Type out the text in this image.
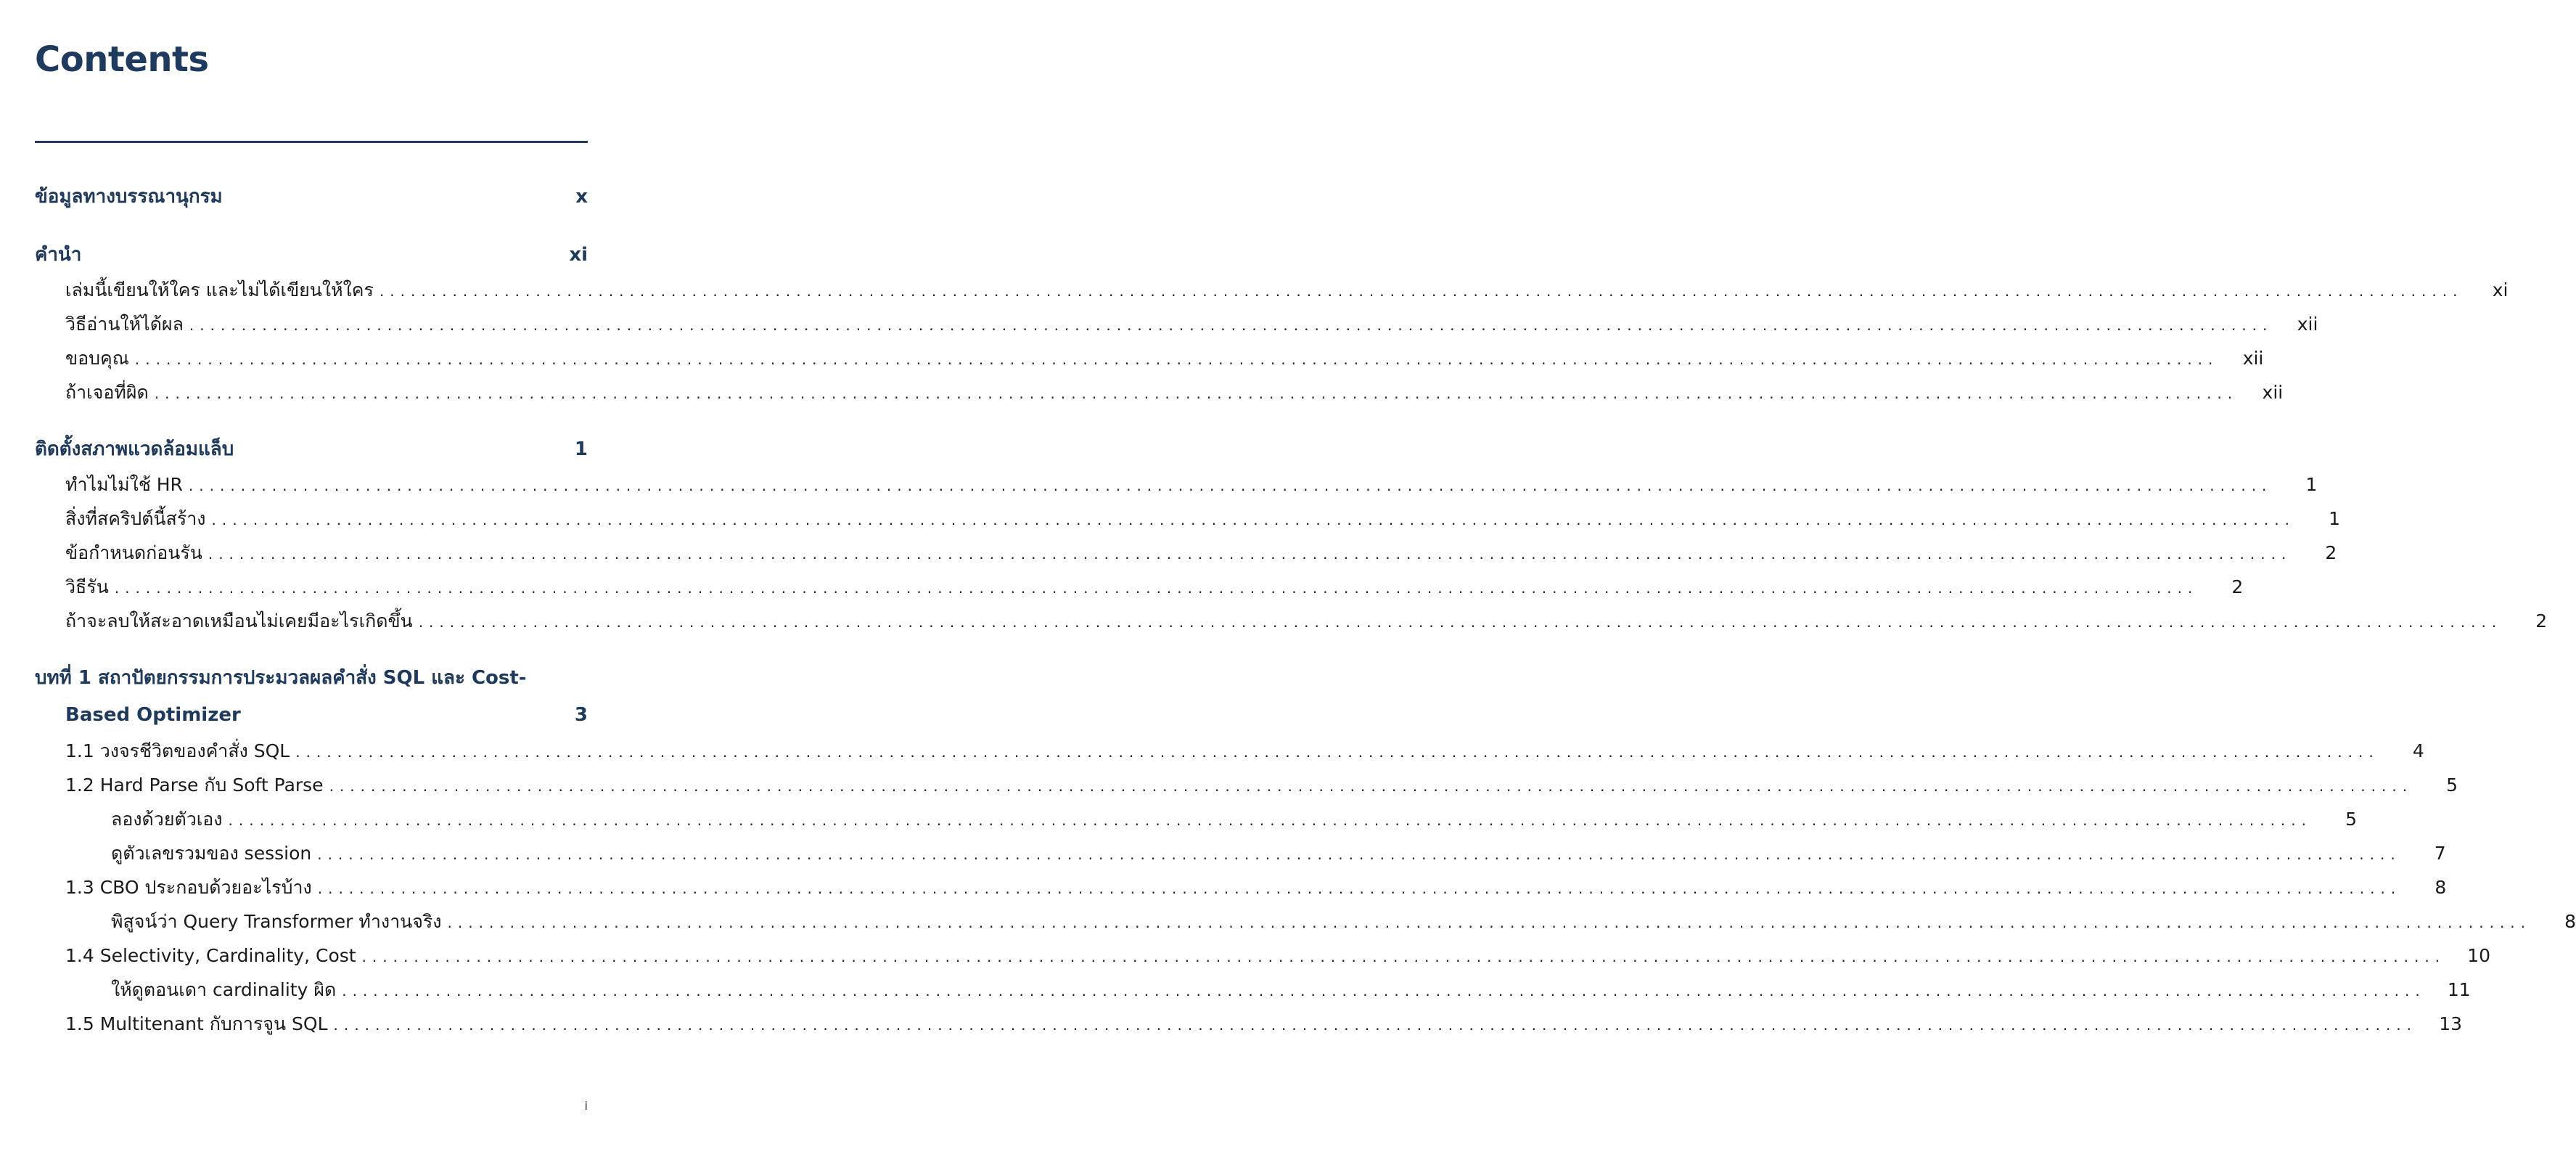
Contents
ข้อมูลทางบรรณานุกรม	x
คำนำ	xi
เล่มนี้เขียนให้ใคร และไม่ได้เขียนให้ใคร ........................................................................................................................................................................................................	xi
วิธีอ่านให้ได้ผล ........................................................................................................................................................................................................	xii
ขอบคุณ ........................................................................................................................................................................................................	xii
ถ้าเจอที่ผิด ........................................................................................................................................................................................................	xii
ติดตั้งสภาพแวดล้อมแล็บ	1
ทำไมไม่ใช้ HR ........................................................................................................................................................................................................	1
สิ่งที่สคริปต์นี้สร้าง ........................................................................................................................................................................................................	1
ข้อกำหนดก่อนรัน ........................................................................................................................................................................................................	2
วิธีรัน ........................................................................................................................................................................................................	2
ถ้าจะลบให้สะอาดเหมือนไม่เคยมีอะไรเกิดขึ้น ........................................................................................................................................................................................................	2
บทที่ 1 สถาปัตยกรรมการประมวลผลคำสั่ง SQL และ Cost-
Based Optimizer	3
1.1 วงจรชีวิตของคำสั่ง SQL ........................................................................................................................................................................................................	4
1.2 Hard Parse กับ Soft Parse ........................................................................................................................................................................................................	5
ลองด้วยตัวเอง ........................................................................................................................................................................................................	5
ดูตัวเลขรวมของ session ........................................................................................................................................................................................................	7
1.3 CBO ประกอบด้วยอะไรบ้าง ........................................................................................................................................................................................................	8
พิสูจน์ว่า Query Transformer ทำงานจริง ........................................................................................................................................................................................................	8
1.4 Selectivity, Cardinality, Cost ........................................................................................................................................................................................................	10
ให้ดูตอนเดา cardinality ผิด ........................................................................................................................................................................................................	11
1.5 Multitenant กับการจูน SQL ........................................................................................................................................................................................................	13
i
